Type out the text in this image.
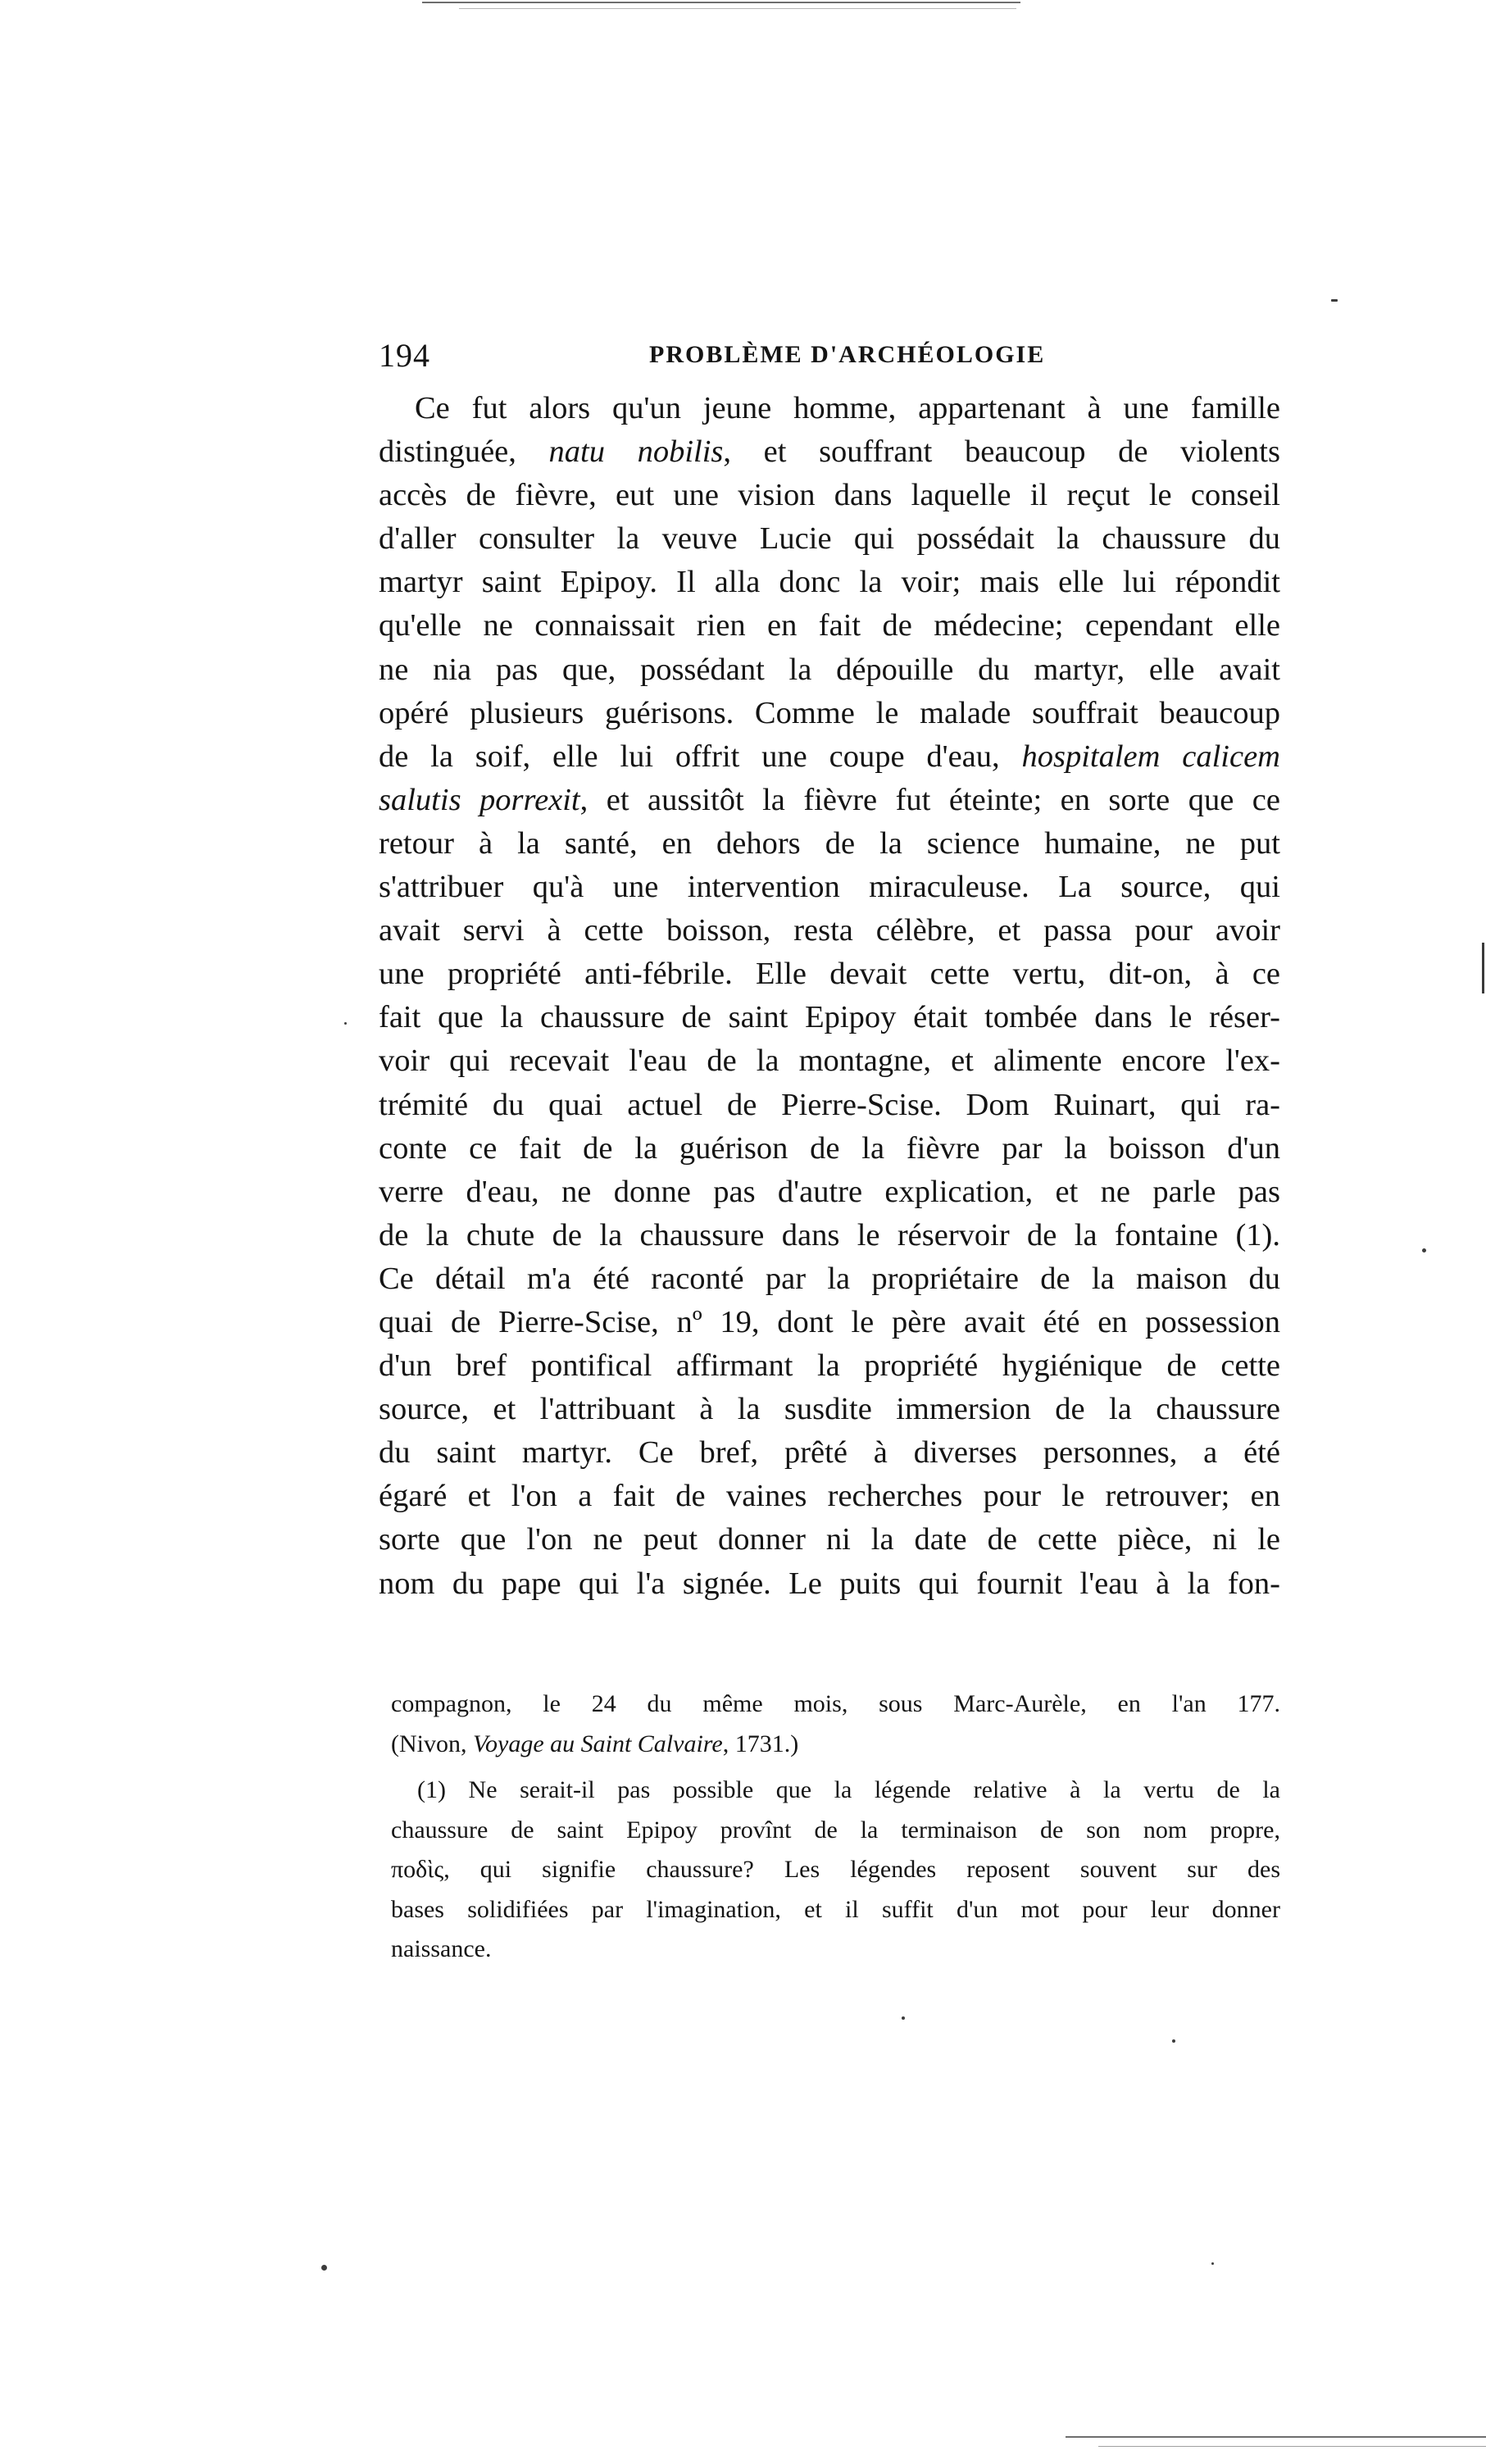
194	PROBLÈME D'ARCHÉOLOGIE
Ce fut alors qu'un jeune homme, appartenant à une famille
distinguée, natu nobilis, et souffrant beaucoup de violents
accès de fièvre, eut une vision dans laquelle il reçut le conseil
d'aller consulter la veuve Lucie qui possédait la chaussure du
martyr saint Epipoy. Il alla donc la voir; mais elle lui répondit
qu'elle ne connaissait rien en fait de médecine; cependant elle
ne nia pas que, possédant la dépouille du martyr, elle avait
opéré plusieurs guérisons. Comme le malade souffrait beaucoup
de la soif, elle lui offrit une coupe d'eau, hospitalem calicem
salutis porrexit, et aussitôt la fièvre fut éteinte; en sorte que ce
retour à la santé, en dehors de la science humaine, ne put
s'attribuer qu'à une intervention miraculeuse. La source, qui
avait servi à cette boisson, resta célèbre, et passa pour avoir
une propriété anti-fébrile. Elle devait cette vertu, dit-on, à ce
fait que la chaussure de saint Epipoy était tombée dans le réser-
voir qui recevait l'eau de la montagne, et alimente encore l'ex-
trémité du quai actuel de Pierre-Scise. Dom Ruinart, qui ra-
conte ce fait de la guérison de la fièvre par la boisson d'un
verre d'eau, ne donne pas d'autre explication, et ne parle pas
de la chute de la chaussure dans le réservoir de la fontaine (1).
Ce détail m'a été raconté par la propriétaire de la maison du
quai de Pierre-Scise, nº 19, dont le père avait été en possession
d'un bref pontifical affirmant la propriété hygiénique de cette
source, et l'attribuant à la susdite immersion de la chaussure
du saint martyr. Ce bref, prêté à diverses personnes, a été
égaré et l'on a fait de vaines recherches pour le retrouver; en
sorte que l'on ne peut donner ni la date de cette pièce, ni le
nom du pape qui l'a signée. Le puits qui fournit l'eau à la fon-
compagnon, le 24 du même mois, sous Marc-Aurèle, en l'an 177.
(Nivon, Voyage au Saint Calvaire, 1731.)
(1) Ne serait-il pas possible que la légende relative à la vertu de la
chaussure de saint Epipoy provînt de la terminaison de son nom propre,
ποδὶς, qui signifie chaussure? Les légendes reposent souvent sur des
bases solidifiées par l'imagination, et il suffit d'un mot pour leur donner
naissance.
